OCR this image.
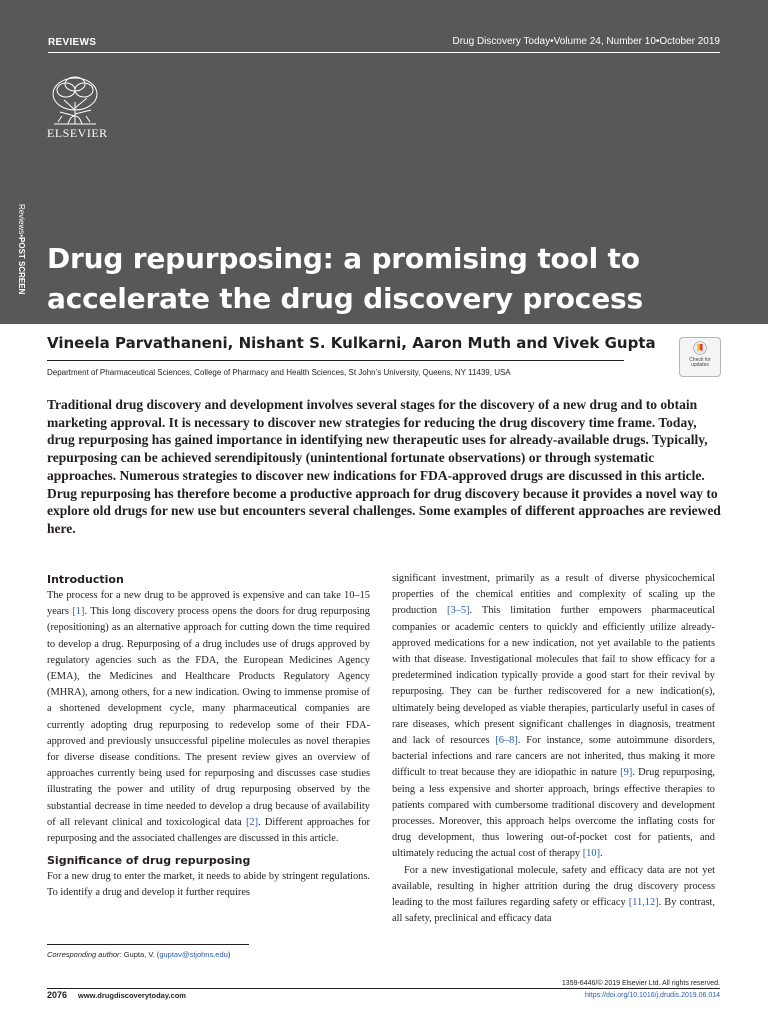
REVIEWS	Drug Discovery Today•Volume 24, Number 10•October 2019
ELSEVIER
Reviews•POST SCREEN Drug repurposing: a promising tool to accelerate the drug discovery process
Vineela Parvathaneni, Nishant S. Kulkarni, Aaron Muth and Vivek Gupta
Check for updates
Department of Pharmaceutical Sciences, College of Pharmacy and Health Sciences, St John’s University, Queens, NY 11439, USA

Traditional drug discovery and development involves several stages for the discovery of a new drug and to obtain marketing approval. It is necessary to discover new strategies for reducing the drug discovery time frame. Today, drug repurposing has gained importance in identifying new therapeutic uses for already-available drugs. Typically, repurposing can be achieved serendipitously (unintentional fortunate observations) or through systematic approaches. Numerous strategies to discover new indications for FDA-approved drugs are discussed in this article. Drug repurposing has therefore become a productive approach for drug discovery because it provides a novel way to explore old drugs for new use but encounters several challenges. Some examples of different approaches are reviewed here.

Introduction

The process for a new drug to be approved is expensive and can take 10–15 years [1]. This long discovery process opens the doors for drug repurposing (repositioning) as an alternative approach for cutting down the time required to develop a drug. Repurposing of a drug includes use of drugs approved by regulatory agencies such as the FDA, the European Medicines Agency (EMA), the Medicines and Healthcare Products Regulatory Agency (MHRA), among others, for a new indication. Owing to immense promise of a shortened development cycle, many pharmaceutical companies are currently adopting drug repurposing to redevelop some of their FDA-approved and previously unsuccessful pipeline molecules as novel therapies for diverse disease conditions. The present review gives an overview of approaches currently being used for repurposing and discusses case studies illustrating the power and utility of drug repurposing observed by the substantial decrease in time needed to develop a drug because of availability of all relevant clinical and toxicological data [2]. Different approaches for repurposing and the associated challenges are discussed in this article.

Significance of drug repurposing

For a new drug to enter the market, it needs to abide by stringent regulations. To identify a drug and develop it further requires

significant investment, primarily as a result of diverse physicochemical properties of the chemical entities and complexity of scaling up the production [3–5]. This limitation further empowers pharmaceutical companies or academic centers to quickly and efficiently utilize already-approved medications for a new indication, not yet available to the patients with that disease. Investigational molecules that fail to show efficacy for a predetermined indication typically provide a good start for their revival by repurposing. They can be further rediscovered for a new indication(s), ultimately being developed as viable therapies, particularly useful in cases of rare diseases, which present significant challenges in diagnosis, treatment and lack of resources [6–8]. For instance, some autoimmune disorders, bacterial infections and rare cancers are not inherited, thus making it more difficult to treat because they are idiopathic in nature [9]. Drug repurposing, being a less expensive and shorter approach, brings effective therapies to patients compared with cumbersome traditional discovery and development processes. Moreover, this approach helps overcome the inflating costs for drug development, thus lowering out-of-pocket cost for patients, and ultimately reducing the actual cost of therapy [10].

For a new investigational molecule, safety and efficacy data are not yet available, resulting in higher attrition during the drug discovery process leading to the most failures regarding safety or efficacy [11,12]. By contrast, all safety, preclinical and efficacy data

Corresponding author: Gupta, V. (guptav@stjohns.edu)
1359-6446/© 2019 Elsevier Ltd. All rights reserved.
2076 www.drugdiscoverytoday.com	https://doi.org/10.1016/j.drudis.2019.06.014
